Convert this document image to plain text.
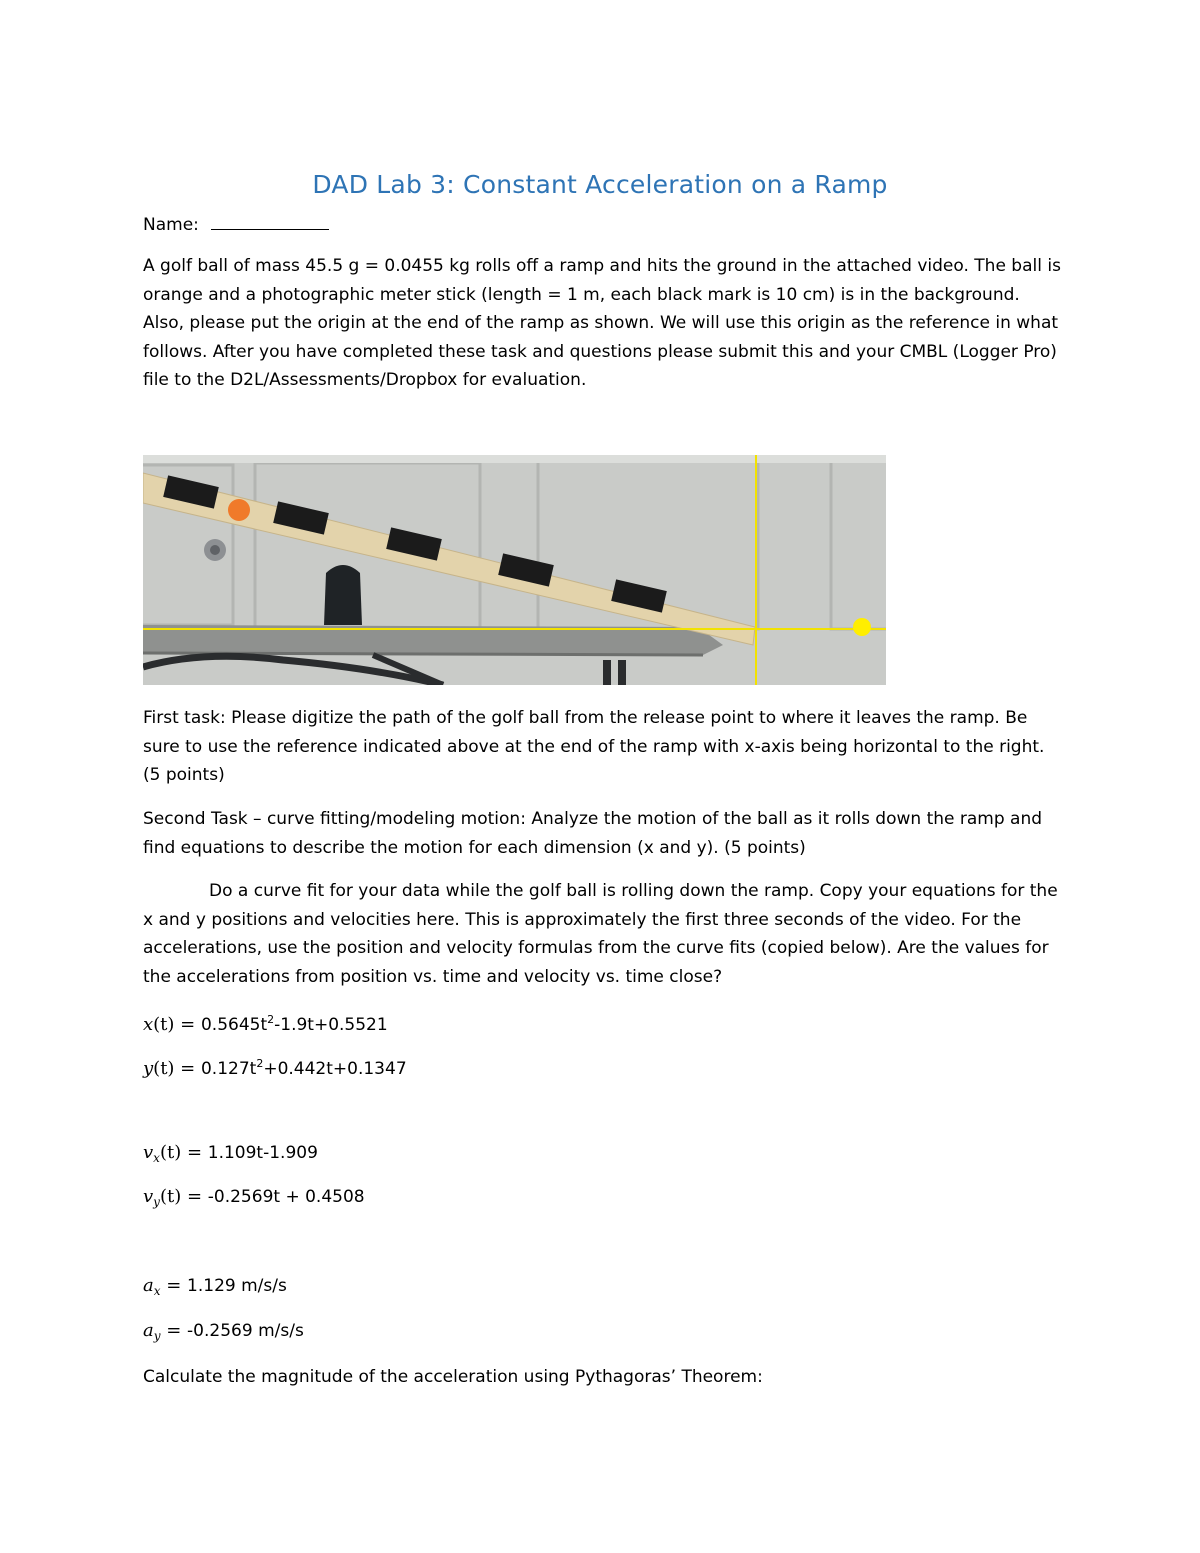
DAD Lab 3: Constant Acceleration on a Ramp
Name:
A golf ball of mass 45.5 g = 0.0455 kg rolls off a ramp and hits the ground in the attached video. The ball is orange and a photographic meter stick (length = 1 m, each black mark is 10 cm) is in the background. Also, please put the origin at the end of the ramp as shown. We will use this origin as the reference in what follows. After you have completed these task and questions please submit this and your CMBL (Logger Pro) file to the D2L/Assessments/Dropbox for evaluation.
First task: Please digitize the path of the golf ball from the release point to where it leaves the ramp. Be sure to use the reference indicated above at the end of the ramp with x-axis being horizontal to the right. (5 points)
Second Task – curve fitting/modeling motion: Analyze the motion of the ball as it rolls down the ramp and find equations to describe the motion for each dimension (x and y). (5 points)
Do a curve fit for your data while the golf ball is rolling down the ramp. Copy your equations for the x and y positions and velocities here. This is approximately the first three seconds of the video. For the accelerations, use the position and velocity formulas from the curve fits (copied below). Are the values for the accelerations from position vs. time and velocity vs. time close?
$x(t) = 0.5645t^2-1.9t+0.5521$
$y(t) = 0.127t^2+0.442t+0.1347$
$v_x(t) = 1.109t-1.909$
$v_y(t) = -0.2569t + 0.4508$
$a_x = 1.129$ m/s/s
$a_y = -0.2569$ m/s/s
Calculate the magnitude of the acceleration using Pythagoras’ Theorem:
